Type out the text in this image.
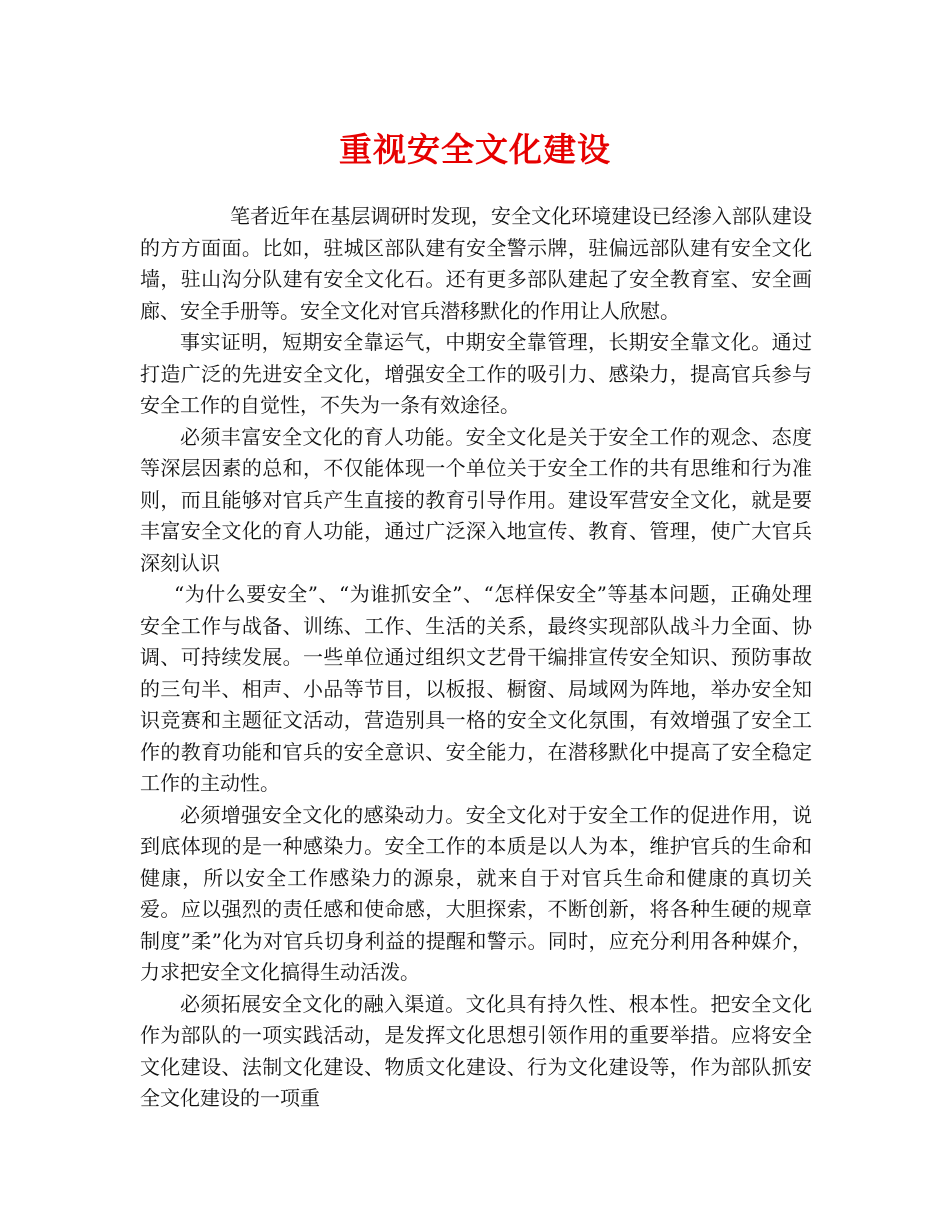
重视安全文化建设

笔者近年在基层调研时发现，安全文化环境建设已经渗入部队建设的方方面面。比如，驻城区部队建有安全警示牌，驻偏远部队建有安全文化墙，驻山沟分队建有安全文化石。还有更多部队建起了安全教育室、安全画廊、安全手册等。安全文化对官兵潜移默化的作用让人欣慰。

事实证明，短期安全靠运气，中期安全靠管理，长期安全靠文化。通过打造广泛的先进安全文化，增强安全工作的吸引力、感染力，提高官兵参与安全工作的自觉性，不失为一条有效途径。

必须丰富安全文化的育人功能。安全文化是关于安全工作的观念、态度等深层因素的总和，不仅能体现一个单位关于安全工作的共有思维和行为准则，而且能够对官兵产生直接的教育引导作用。建设军营安全文化，就是要丰富安全文化的育人功能，通过广泛深入地宣传、教育、管理，使广大官兵深刻认识

“为什么要安全”、“为谁抓安全”、“怎样保安全”等基本问题，正确处理安全工作与战备、训练、工作、生活的关系，最终实现部队战斗力全面、协调、可持续发展。一些单位通过组织文艺骨干编排宣传安全知识、预防事故的三句半、相声、小品等节目，以板报、橱窗、局域网为阵地，举办安全知识竞赛和主题征文活动，营造别具一格的安全文化氛围，有效增强了安全工作的教育功能和官兵的安全意识、安全能力，在潜移默化中提高了安全稳定工作的主动性。

必须增强安全文化的感染动力。安全文化对于安全工作的促进作用，说到底体现的是一种感染力。安全工作的本质是以人为本，维护官兵的生命和健康，所以安全工作感染力的源泉，就来自于对官兵生命和健康的真切关爱。应以强烈的责任感和使命感，大胆探索，不断创新，将各种生硬的规章制度”柔”化为对官兵切身利益的提醒和警示。同时，应充分利用各种媒介，力求把安全文化搞得生动活泼。

必须拓展安全文化的融入渠道。文化具有持久性、根本性。把安全文化作为部队的一项实践活动，是发挥文化思想引领作用的重要举措。应将安全文化建设、法制文化建设、物质文化建设、行为文化建设等，作为部队抓安全文化建设的一项重
